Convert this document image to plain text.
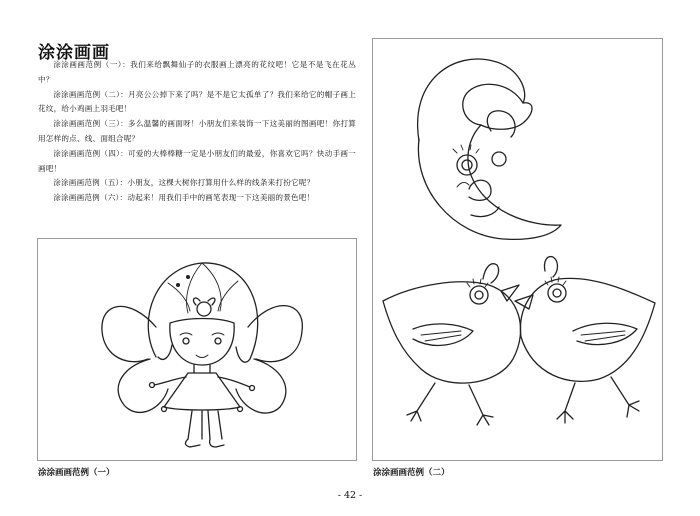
涂涂画画

涂涂画画范例（一）：我们来给飘舞仙子的衣服画上漂亮的花纹吧！它是不是飞在花丛中？

涂涂画画范例（二）：月亮公公掉下来了吗？是不是它太孤单了？我们来给它的帽子画上花纹，给小鸡画上羽毛吧！

涂涂画画范例（三）：多么温馨的画面呀！小朋友们来装饰一下这美丽的图画吧！你打算用怎样的点、线、面组合呢？

涂涂画画范例（四）：可爱的大棒棒糖一定是小朋友们的最爱，你喜欢它吗？快动手画一画吧！

涂涂画画范例（五）：小朋友，这棵大树你打算用什么样的线条来打扮它呢？

涂涂画画范例（六）：动起来！用我们手中的画笔表现一下这美丽的景色吧！

涂涂画画范例（一）	涂涂画画范例（二）
- 42 -
